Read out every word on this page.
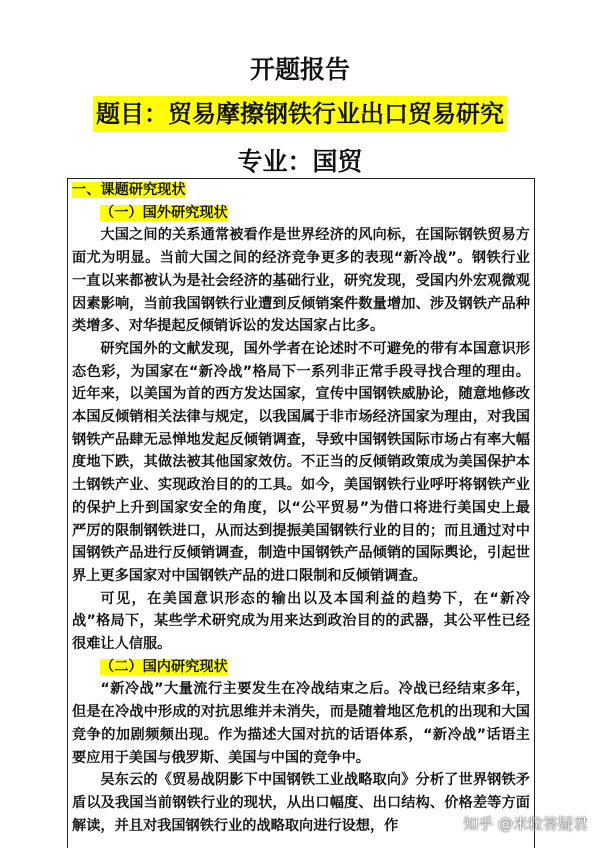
开题报告
题目：贸易摩擦钢铁行业出口贸易研究
专业：国贸
一、课题研究现状
（一）国外研究现状

大国之间的关系通常被看作是世界经济的风向标，在国际钢铁贸易方面尤为明显。当前大国之间的经济竞争更多的表现“新冷战”。钢铁行业一直以来都被认为是社会经济的基础行业，研究发现，受国内外宏观微观因素影响，当前我国钢铁行业遭到反倾销案件数量增加、涉及钢铁产品种类增多、对华提起反倾销诉讼的发达国家占比多。

研究国外的文献发现，国外学者在论述时不可避免的带有本国意识形态色彩，为国家在“新冷战”格局下一系列非正常手段寻找合理的理由。近年来，以美国为首的西方发达国家，宣传中国钢铁威胁论，随意地修改本国反倾销相关法律与规定，以我国属于非市场经济国家为理由，对我国钢铁产品肆无忌惮地发起反倾销调查，导致中国钢铁国际市场占有率大幅度地下跌，其做法被其他国家效仿。不正当的反倾销政策成为美国保护本土钢铁产业、实现政治目的的工具。如今，美国钢铁行业呼吁将钢铁产业的保护上升到国家安全的角度，以“公平贸易”为借口将进行美国史上最严厉的限制钢铁进口，从而达到提振美国钢铁行业的目的；而且通过对中国钢铁产品进行反倾销调查，制造中国钢铁产品倾销的国际舆论，引起世界上更多国家对中国钢铁产品的进口限制和反倾销调查。

可见，在美国意识形态的输出以及本国利益的趋势下，在“新冷战”格局下，某些学术研究成为用来达到政治目的的武器，其公平性已经很难让人信服。

（二）国内研究现状

“新冷战”大量流行主要发生在冷战结束之后。冷战已经结束多年，但是在冷战中形成的对抗思维并未消失，而是随着地区危机的出现和大国竞争的加剧频频出现。作为描述大国对抗的话语体系，“新冷战”话语主要应用于美国与俄罗斯、美国与中国的竞争中。

吴东云的《贸易战阴影下中国钢铁工业战略取向》分析了世界钢铁矛盾以及我国当前钢铁行业的现状，从出口幅度、出口结构、价格差等方面解读，并且对我国钢铁行业的战略取向进行设想，作	知乎 @米粒答疑君
